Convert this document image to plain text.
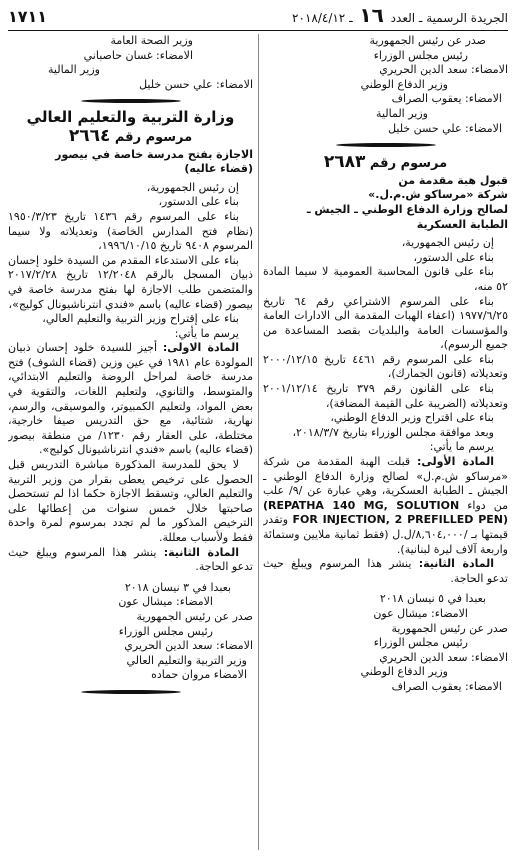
الجريدة الرسمية ـ العدد ١٦ ـ ٢٠١٨/٤/١٢
١٧١١

صدر عن رئيس الجمهورية

رئيس مجلس الوزراء

الامضاء: سعد الدين الحريري

وزير الدفاع الوطني

الامضاء: يعقوب الصراف

وزير المالية

الامضاء: علي حسن خليل

مرسوم رقم ٢٦٨٣

قبول هبة مقدمة من

شركة «مرساكو ش.م.ل.»

لصالح وزارة الدفاع الوطني ـ الجيش ـ

الطبابة العسكرية

إن رئيس الجمهورية،

بناء على الدستور،

بناء على قانون المحاسبة العمومية لا سيما المادة ٥٢ منه،

بناء على المرسوم الاشتراعي رقم ٦٤ تاريخ ١٩٧٧/٦/٢٥ (اعفاء الهبات المقدمة الى الادارات العامة والمؤسسات العامة والبلديات بقصد المساعدة من جميع الرسوم)،

بناء على المرسوم رقم ٤٤٦١ تاريخ ٢٠٠٠/١٢/١٥ وتعديلاته (قانون الجمارك)،

بناء على القانون رقم ٣٧٩ تاريخ ٢٠٠١/١٢/١٤ وتعديلاته (الضريبة على القيمة المضافة)،

بناء على اقتراح وزير الدفاع الوطني،

وبعد موافقة مجلس الوزراء بتاريخ ٢٠١٨/٣/٧،

يرسم ما يأتي:

المادة الأولى: قبلت الهبة المقدمة من شركة «مرساكو ش.م.ل» لصالح وزارة الدفاع الوطني ـ الجيش ـ الطبابة العسكرية، وهي عبارة عن /٩/ علب من دواء (REPATHA 140 MG, SOLUTION FOR INJECTION, 2 PREFILLED PEN) وتقدر قيمتها بـ /٨,٦٠٤,٠٠٠/ل.ل (فقط ثمانية ملايين وستمائة واربعة آلاف ليرة لبنانية).

المادة الثانية: ينشر هذا المرسوم ويبلغ حيث تدعو الحاجة.

بعبدا في ٥ نيسان ٢٠١٨

الامضاء: ميشال عون

صدر عن رئيس الجمهورية

رئيس مجلس الوزراء

الامضاء: سعد الدين الحريري

وزير الدفاع الوطني

الامضاء: يعقوب الصراف

وزير الصحة العامة

الامضاء: غسان حاصباني

وزير المالية

الامضاء: علي حسن خليل

وزارة التربية والتعليم العالي
مرسوم رقم ٢٦٦٤

الاجازة بفتح مدرسة خاصة في بيصور

(قضاء عاليه)

إن رئيس الجمهورية،

بناء على الدستور،

بناء على المرسوم رقم ١٤٣٦ تاريخ ١٩٥٠/٣/٢٣ (نظام فتح المدارس الخاصة) وتعديلاته ولا سيما المرسوم ٩٤٠٨ تاريخ ١٩٩٦/١٠/١٥،

بناء على الاستدعاء المقدم من السيدة خلود إحسان ذبيان المسجل بالرقم ١٢/٢٠٤٨ تاريخ ٢٠١٧/٢/٢٨ والمتضمن طلب الاجازة لها بفتح مدرسة خاصة في بيصور (قضاء عاليه) باسم «فندي انترناشيونال كوليج»،

بناء على إقتراح وزير التربية والتعليم العالي،

يرسم ما يأتي:

المادة الاولى: أجيز للسيدة خلود إحسان ذبيان المولودة عام ١٩٨١ في عين وزين (قضاء الشوف) فتح مدرسة خاصة لمراحل الروضة والتعليم الابتدائي، والمتوسط، والثانوي، ولتعليم اللغات، والتقوية في بعض المواد، ولتعليم الكمبيوتر، والموسيقى، والرسم، نهارية، شتائية، مع حق التدريس صيفا خارجية، مختلطة، على العقار رقم ١٢٣٠/ من منطقة بيصور (قضاء عاليه) باسم «فندي انترناشيونال كوليج».

لا يحق للمدرسة المذكورة مباشرة التدريس قبل الحصول على ترخيص يعطى بقرار من وزير التربية والتعليم العالي، وتسقط الاجازة حكما اذا لم تستحصل صاحبتها خلال خمس سنوات من إعطائها على الترخيص المذكور ما لم تجدد بمرسوم لمرة واحدة فقط ولأسباب معللة.

المادة الثانية: ينشر هذا المرسوم ويبلغ حيث تدعو الحاجة.

بعبدا في ٣ نيسان ٢٠١٨

الامضاء: ميشال عون

صدر عن رئيس الجمهورية

رئيس مجلس الوزراء

الامضاء: سعد الدين الحريري

وزير التربية والتعليم العالي

الامضاء مروان حماده
